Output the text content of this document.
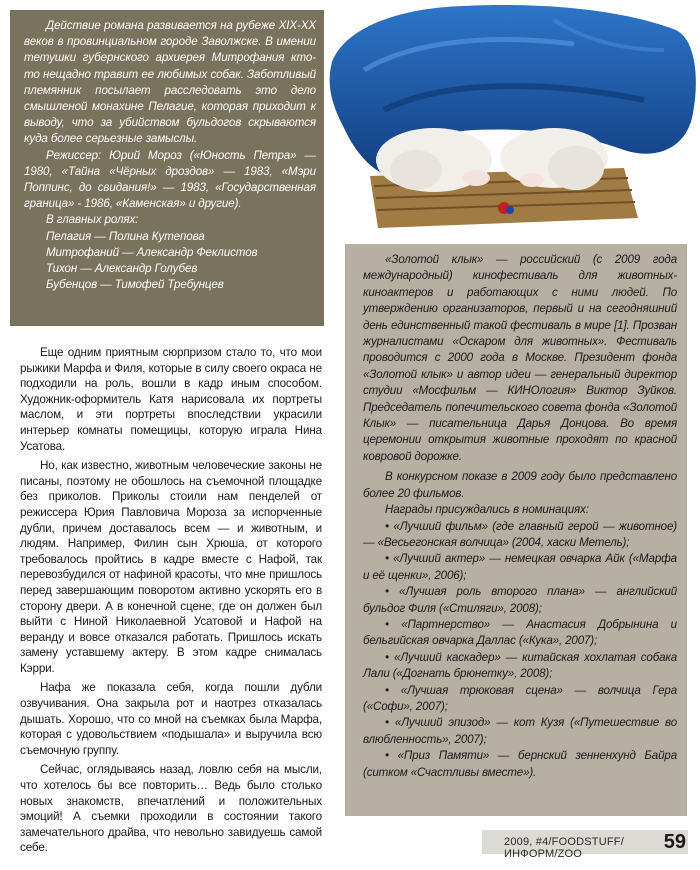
Действие романа развивается на рубеже XIX-XX веков в провинциальном городе Заволжске. В имении тетушки губернского архиерея Митрофания кто-то нещадно травит ее любимых собак. Заботливый племянник посылает расследовать это дело смышленой монахине Пелагие, которая приходит к выводу, что за убийством бульдогов скрываются куда более серьезные замыслы.

Режиссер: Юрий Мороз («Юность Петра» — 1980, «Тайна «Чёрных дроздов» — 1983, «Мэри Поппинс, до свидания!» — 1983, «Государственная граница» - 1986, «Каменская» и другие).

В главных ролях:

Пелагия — Полина Кутепова

Митрофаний — Александр Феклистов

Тихон — Александр Голубев

Бубенцов — Тимофей Требунцев

Еще одним приятным сюрпризом стало то, что мои рыжики Марфа и Филя, которые в силу своего окраса не подходили на роль, вошли в кадр иным способом. Художник-оформитель Катя нарисовала их портреты маслом, и эти портреты впоследствии украсили интерьер комнаты помещицы, которую играла Нина Усатова.

Но, как известно, животным человеческие законы не писаны, поэтому не обошлось на съемочной площадке без приколов. Приколы стоили нам пенделей от режиссера Юрия Павловича Мороза за испорченные дубли, причем доставалось всем — и животным, и людям. Например, Филин сын Хрюша, от которого требовалось пройтись в кадре вместе с Нафой, так перевозбудился от нафиной красоты, что мне пришлось перед завершающим поворотом активно ускорять его в сторону двери. А в конечной сцене, где он должен был выйти с Ниной Николаевной Усатовой и Нафой на веранду и вовсе отказался работать. Пришлось искать замену уставшему актеру. В этом кадре снималась Кэрри.

Нафа же показала себя, когда пошли дубли озвучивания. Она закрыла рот и наотрез отказалась дышать. Хорошо, что со мной на съемках была Марфа, которая с удовольствием «подышала» и выручила всю съемочную группу.

Сейчас, оглядываясь назад, ловлю себя на мысли, что хотелось бы все повторить… Ведь было столько новых знакомств, впечатлений и положительных эмоций! А съемки проходили в состоянии такого замечательного драйва, что невольно завидуешь самой себе.

«Золотой клык» — российский (с 2009 года международный) кинофестиваль для животных-киноактеров и работающих с ними людей. По утверждению организаторов, первый и на сегодняшний день единственный такой фестиваль в мире [1]. Прозван журналистами «Оскаром для животных». Фестиваль проводится с 2000 года в Москве. Президент фонда «Золотой клык» и автор идеи — генеральный директор студии «Мосфильм — КИНОлогия» Виктор Зуйков. Председатель попечительского совета фонда «Золотой Клык» — писательница Дарья Донцова. Во время церемонии открытия животные проходят по красной ковровой дорожке.

В конкурсном показе в 2009 году было представлено более 20 фильмов.

Награды присуждались в номинациях:

• «Лучший фильм» (где главный герой — животное) — «Весьегонская волчица» (2004, хаски Метель);

• «Лучший актер» — немецкая овчарка Айк («Марфа и её щенки», 2006);

• «Лучшая роль второго плана» — английский бульдог Филя («Стиляги», 2008);

• «Партнерство» — Анастасия Добрынина и бельгийская овчарка Даллас («Кука», 2007);

• «Лучший каскадер» — китайская хохлатая собака Лали («Догнать брюнетку», 2008);

• «Лучшая трюковая сцена» — волчица Гера («Софи», 2007);

• «Лучший эпизод» — кот Кузя («Путешествие во влюбленность», 2007);

• «Приз Памяти» — бернский зенненхунд Байра (ситком «Счастливы вместе»).

2009, #4/FOODSTUFF/ИНФОРМ/ZOO
59
